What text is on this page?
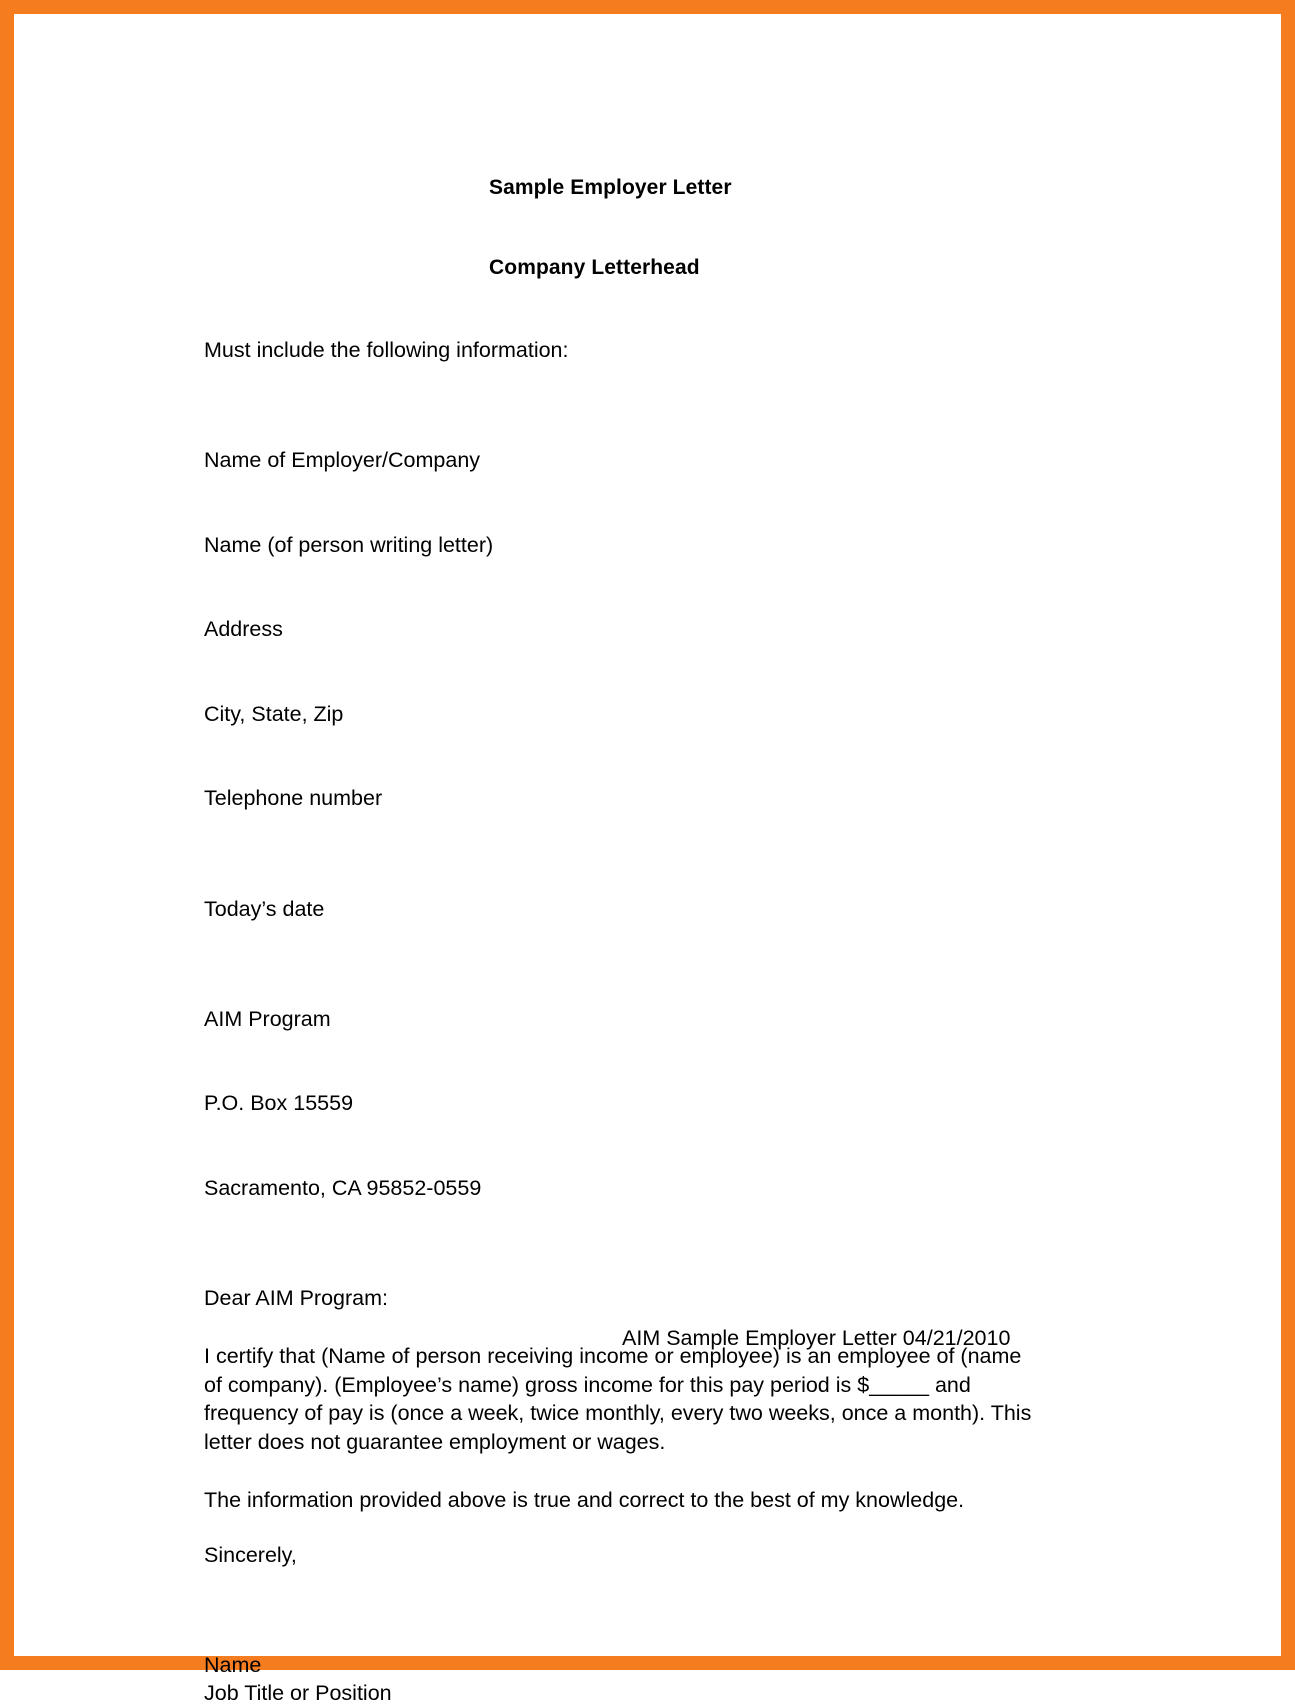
Sample Employer Letter
Company Letterhead
Must include the following information:

Name of Employer/Company

Name (of person writing letter)

Address

City, State, Zip

Telephone number

Today’s date

AIM Program

P.O. Box 15559

Sacramento, CA 95852-0559

Dear AIM Program:
I certify that (Name of person receiving income or employee) is an employee of (name of company). (Employee’s name) gross income for this pay period is $_____ and frequency of pay is (once a week, twice monthly, every two weeks, once a month). This letter does not guarantee employment or wages.
The information provided above is true and correct to the best of my knowledge.
Sincerely,
Name
Job Title or Position
AIM Sample Employer Letter 04/21/2010
